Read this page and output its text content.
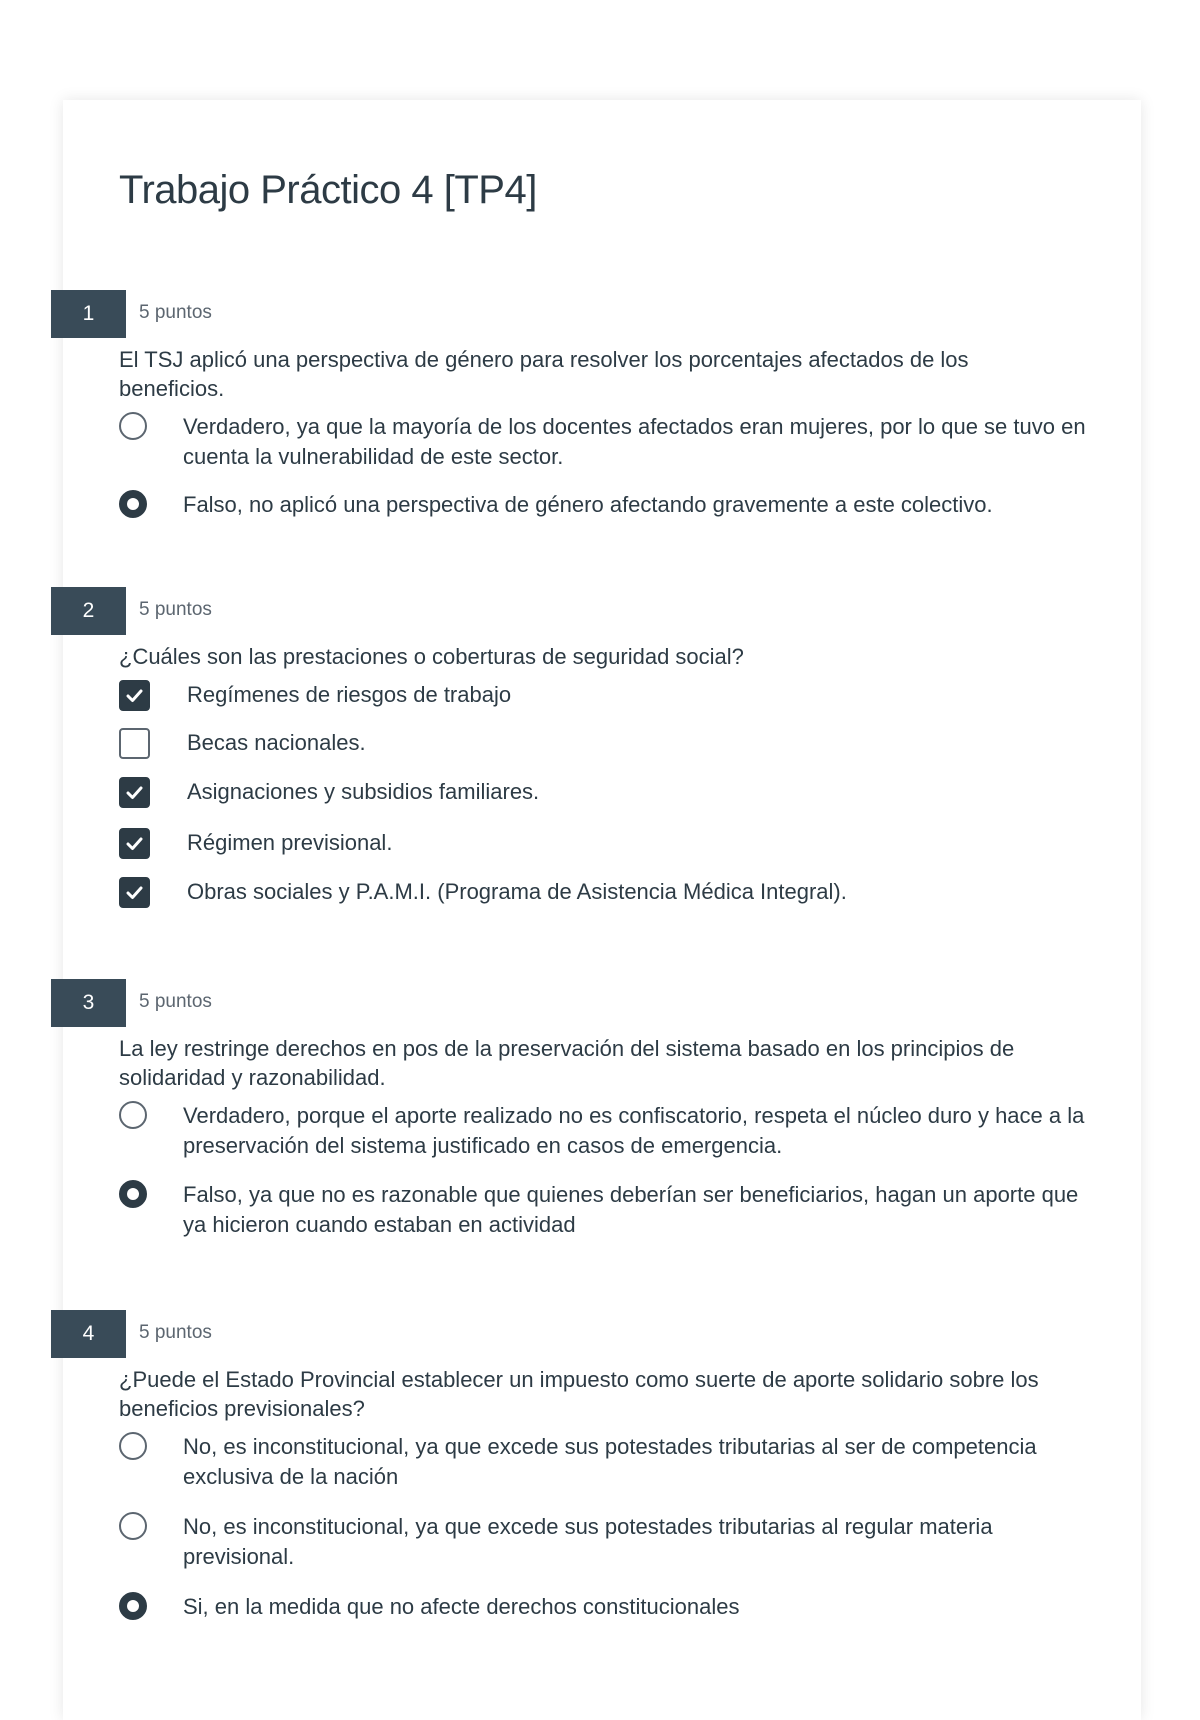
Trabajo Práctico 4 [TP4]
1	5 puntos
El TSJ aplicó una perspectiva de género para resolver los porcentajes afectados de los beneficios.
Verdadero, ya que la mayoría de los docentes afectados eran mujeres, por lo que se tuvo en cuenta la vulnerabilidad de este sector.
Falso, no aplicó una perspectiva de género afectando gravemente a este colectivo.
2	5 puntos
¿Cuáles son las prestaciones o coberturas de seguridad social?
Regímenes de riesgos de trabajo
Becas nacionales.
Asignaciones y subsidios familiares.
Régimen previsional.
Obras sociales y P.A.M.I. (Programa de Asistencia Médica Integral).
3	5 puntos
La ley restringe derechos en pos de la preservación del sistema basado en los principios de solidaridad y razonabilidad.
Verdadero, porque el aporte realizado no es confiscatorio, respeta el núcleo duro y hace a la preservación del sistema justificado en casos de emergencia.
Falso, ya que no es razonable que quienes deberían ser beneficiarios, hagan un aporte que ya hicieron cuando estaban en actividad
4	5 puntos
¿Puede el Estado Provincial establecer un impuesto como suerte de aporte solidario sobre los beneficios previsionales?
No, es inconstitucional, ya que excede sus potestades tributarias al ser de competencia exclusiva de la nación
No, es inconstitucional, ya que excede sus potestades tributarias al regular materia previsional.
Si, en la medida que no afecte derechos constitucionales
